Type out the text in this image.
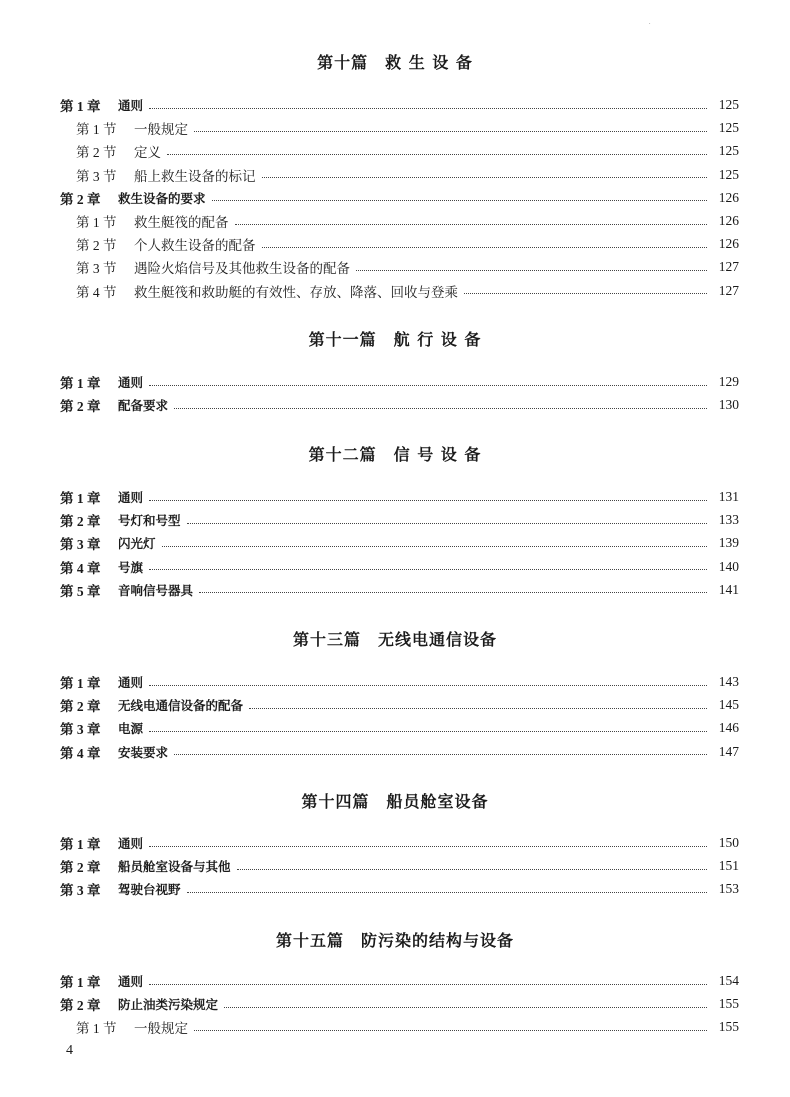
.
第十篇　救 生 设 备
第 1 章	通则	125
第 1 节	一般规定	125
第 2 节	定义	125
第 3 节	船上救生设备的标记	125
第 2 章	救生设备的要求	126
第 1 节	救生艇筏的配备	126
第 2 节	个人救生设备的配备	126
第 3 节	遇险火焰信号及其他救生设备的配备	127
第 4 节	救生艇筏和救助艇的有效性、存放、降落、回收与登乘	127
第十一篇　航 行 设 备
第 1 章	通则	129
第 2 章	配备要求	130
第十二篇　信 号 设 备
第 1 章	通则	131
第 2 章	号灯和号型	133
第 3 章	闪光灯	139
第 4 章	号旗	140
第 5 章	音响信号器具	141
第十三篇　无线电通信设备
第 1 章	通则	143
第 2 章	无线电通信设备的配备	145
第 3 章	电源	146
第 4 章	安装要求	147
第十四篇　船员舱室设备
第 1 章	通则	150
第 2 章	船员舱室设备与其他	151
第 3 章	驾驶台视野	153
第十五篇　防污染的结构与设备
第 1 章	通则	154
第 2 章	防止油类污染规定	155
第 1 节	一般规定	155
4
